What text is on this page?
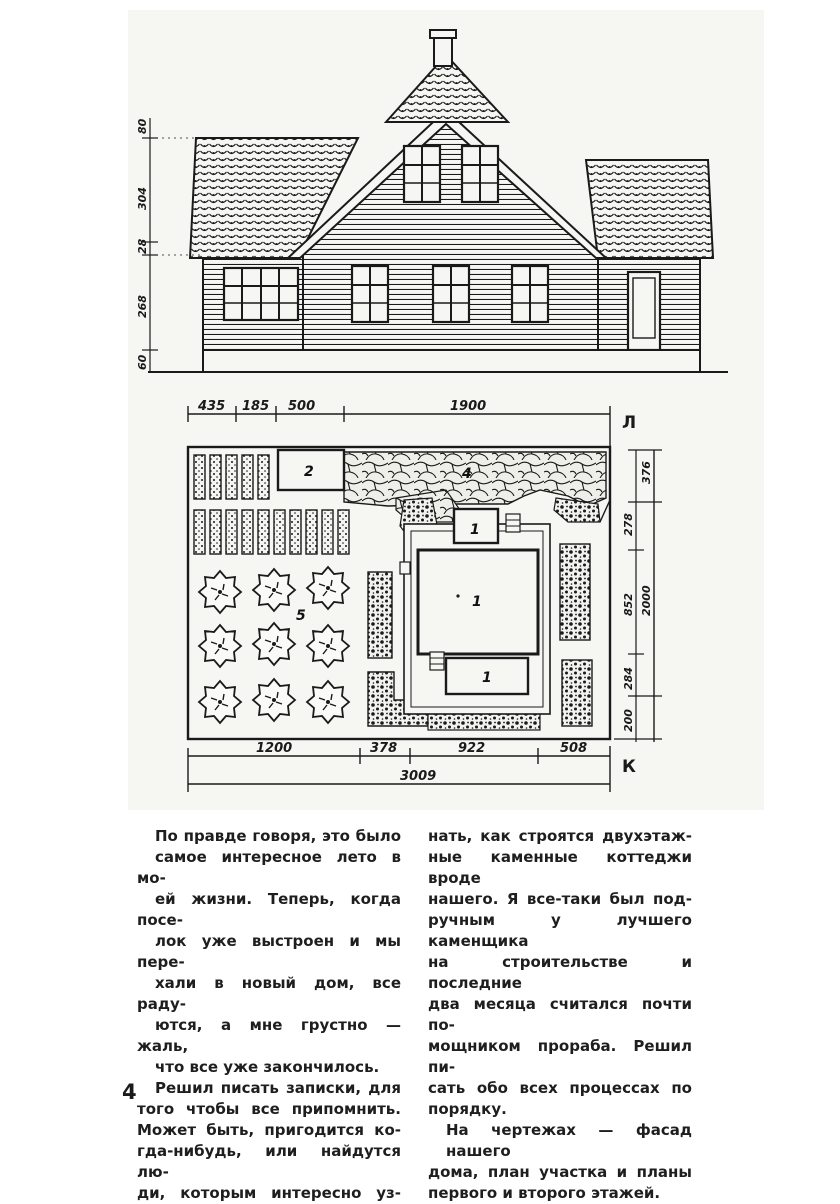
80
304
28
268
60
435 185 500	1900
Л
2	4
5
1
1
1
376
278
852 2000
284
200
1200	378	922	508
3009	К

По правде говоря, это было
самое интересное лето в мо-
ей жизни. Теперь, когда посе-
лок уже выстроен и мы пере-
хали в новый дом, все раду-
ются, а мне грустно — жаль,
что все уже закончилось.

Решил писать записки, для
того чтобы все припомнить.
Может быть, пригодится ко-
гда-нибудь, или найдутся лю-
ди, которым интересно уз-

нать, как строятся двухэтаж-
ные каменные коттеджи вроде
нашего. Я все-таки был под-
ручным у лучшего каменщика
на строительстве и последние
два месяца считался почти по-
мощником прораба. Решил пи-
сать обо всех процессах по
порядку.

На чертежах — фасад нашего
дома, план участка и планы
первого и второго этажей.

4
